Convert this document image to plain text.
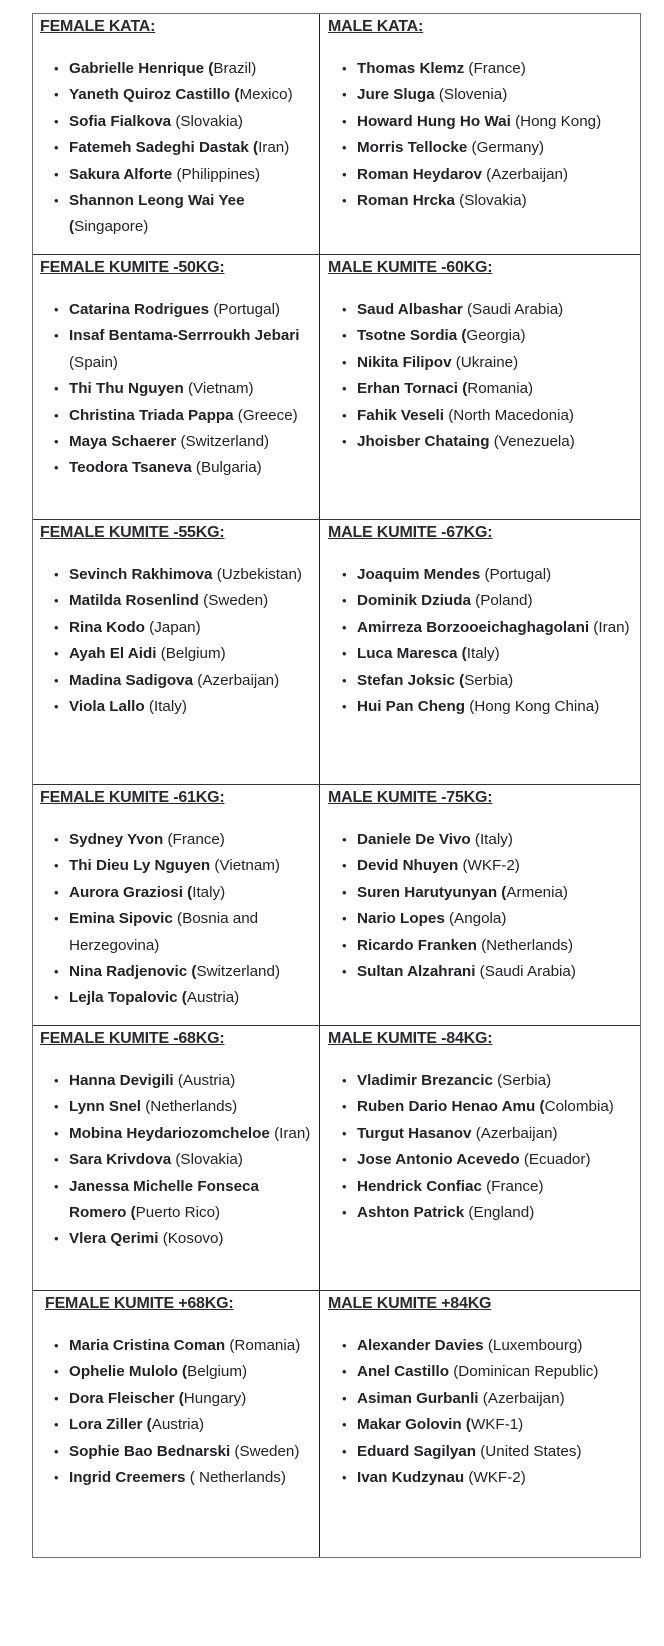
FEMALE KATA:
• Gabrielle Henrique (Brazil)
• Yaneth Quiroz Castillo (Mexico)
• Sofia Fialkova (Slovakia)
• Fatemeh Sadeghi Dastak (Iran)
• Sakura Alforte (Philippines)
• Shannon Leong Wai Yee (Singapore)
MALE KATA:
• Thomas Klemz (France)
• Jure Sluga (Slovenia)
• Howard Hung Ho Wai (Hong Kong)
• Morris Tellocke (Germany)
• Roman Heydarov (Azerbaijan)
• Roman Hrcka (Slovakia)
FEMALE KUMITE -50KG:
• Catarina Rodrigues (Portugal)
• Insaf Bentama-Serrroukh Jebari (Spain)
• Thi Thu Nguyen (Vietnam)
• Christina Triada Pappa (Greece)
• Maya Schaerer (Switzerland)
• Teodora Tsaneva (Bulgaria)
MALE KUMITE -60KG:
• Saud Albashar (Saudi Arabia)
• Tsotne Sordia (Georgia)
• Nikita Filipov (Ukraine)
• Erhan Tornaci (Romania)
• Fahik Veseli (North Macedonia)
• Jhoisber Chataing (Venezuela)
FEMALE KUMITE -55KG:
• Sevinch Rakhimova (Uzbekistan)
• Matilda Rosenlind (Sweden)
• Rina Kodo (Japan)
• Ayah El Aidi (Belgium)
• Madina Sadigova (Azerbaijan)
• Viola Lallo (Italy)
MALE KUMITE -67KG:
• Joaquim Mendes (Portugal)
• Dominik Dziuda (Poland)
• Amirreza Borzooeichaghagolani (Iran)
• Luca Maresca (Italy)
• Stefan Joksic (Serbia)
• Hui Pan Cheng (Hong Kong China)
FEMALE KUMITE -61KG:
• Sydney Yvon (France)
• Thi Dieu Ly Nguyen (Vietnam)
• Aurora Graziosi (Italy)
• Emina Sipovic (Bosnia and Herzegovina)
• Nina Radjenovic (Switzerland)
• Lejla Topalovic (Austria)
MALE KUMITE -75KG:
• Daniele De Vivo (Italy)
• Devid Nhuyen (WKF-2)
• Suren Harutyunyan (Armenia)
• Nario Lopes (Angola)
• Ricardo Franken (Netherlands)
• Sultan Alzahrani (Saudi Arabia)
FEMALE KUMITE -68KG:
• Hanna Devigili (Austria)
• Lynn Snel (Netherlands)
• Mobina Heydariozomcheloe (Iran)
• Sara Krivdova (Slovakia)
• Janessa Michelle Fonseca Romero (Puerto Rico)
• Vlera Qerimi (Kosovo)
MALE KUMITE -84KG:
• Vladimir Brezancic (Serbia)
• Ruben Dario Henao Amu (Colombia)
• Turgut Hasanov (Azerbaijan)
• Jose Antonio Acevedo (Ecuador)
• Hendrick Confiac (France)
• Ashton Patrick (England)
FEMALE KUMITE +68KG:
• Maria Cristina Coman (Romania)
• Ophelie Mulolo (Belgium)
• Dora Fleischer (Hungary)
• Lora Ziller (Austria)
• Sophie Bao Bednarski (Sweden)
• Ingrid Creemers ( Netherlands)
MALE KUMITE +84KG
• Alexander Davies (Luxembourg)
• Anel Castillo (Dominican Republic)
• Asiman Gurbanli (Azerbaijan)
• Makar Golovin (WKF-1)
• Eduard Sagilyan (United States)
• Ivan Kudzynau (WKF-2)
